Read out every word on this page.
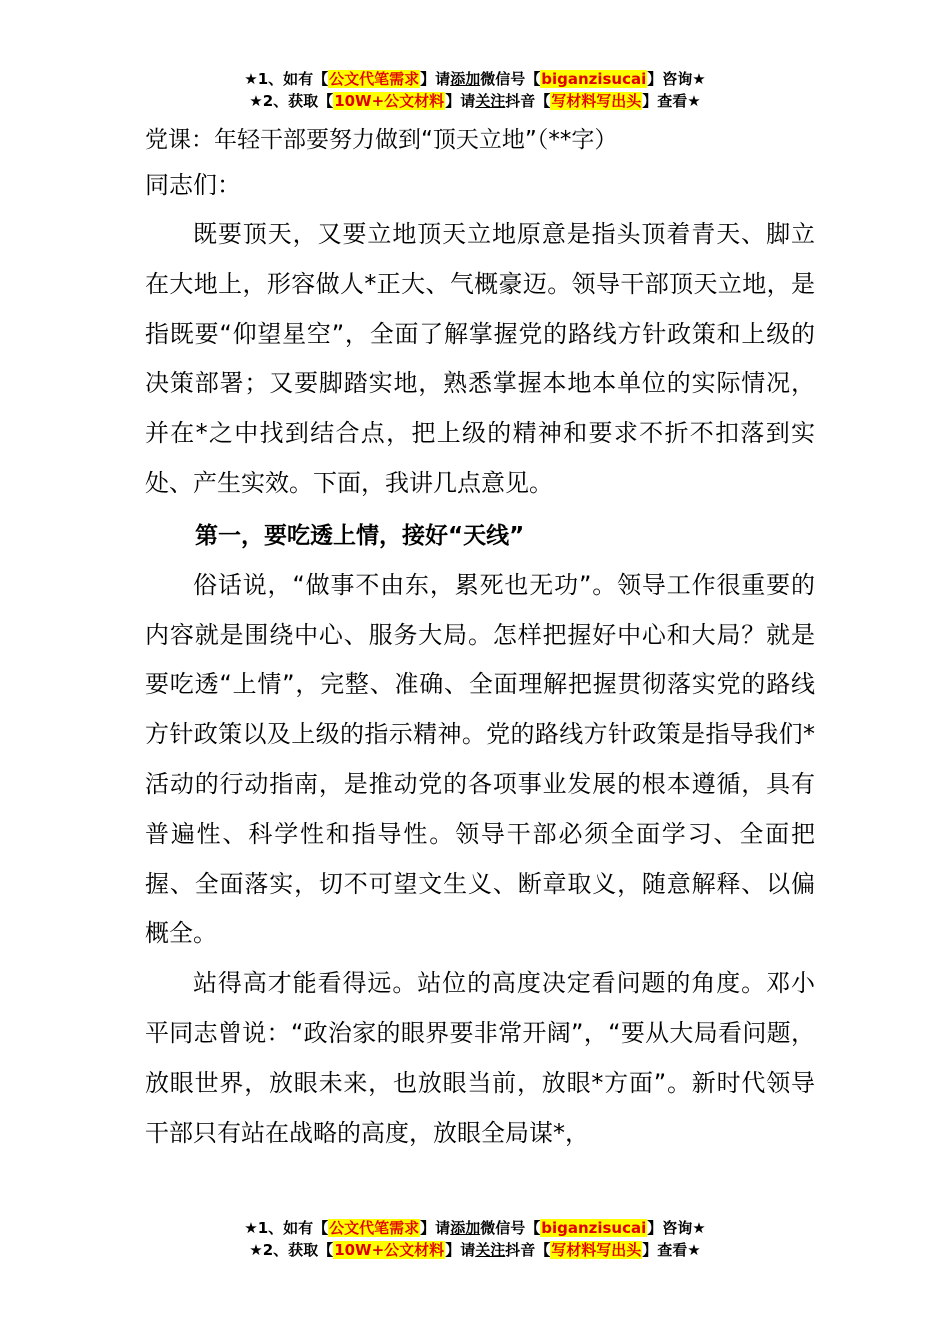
★1、如有【公文代笔需求】请添加微信号【biganzisucai】咨询★
★2、获取【10W+公文材料】请关注抖音【写材料写出头】查看★
党课：年轻干部要努力做到“顶天立地”（**字）

同志们：

既要顶天，又要立地顶天立地原意是指头顶着青天、脚立在大地上，形容做人*正大、气概豪迈。领导干部顶天立地，是指既要“仰望星空”，全面了解掌握党的路线方针政策和上级的决策部署；又要脚踏实地，熟悉掌握本地本单位的实际情况，并在*之中找到结合点，把上级的精神和要求不折不扣落到实处、产生实效。下面，我讲几点意见。

第一，要吃透上情，接好“天线”

俗话说，“做事不由东，累死也无功”。领导工作很重要的内容就是围绕中心、服务大局。怎样把握好中心和大局？就是要吃透“上情”，完整、准确、全面理解把握贯彻落实党的路线方针政策以及上级的指示精神。党的路线方针政策是指导我们*活动的行动指南，是推动党的各项事业发展的根本遵循，具有普遍性、科学性和指导性。领导干部必须全面学习、全面把握、全面落实，切不可望文生义、断章取义，随意解释、以偏概全。

站得高才能看得远。站位的高度决定看问题的角度。邓小平同志曾说：“政治家的眼界要非常开阔”，“要从大局看问题，放眼世界，放眼未来，也放眼当前，放眼*方面”。新时代领导干部只有站在战略的高度，放眼全局谋*，

★1、如有【公文代笔需求】请添加微信号【biganzisucai】咨询★
★2、获取【10W+公文材料】请关注抖音【写材料写出头】查看★
